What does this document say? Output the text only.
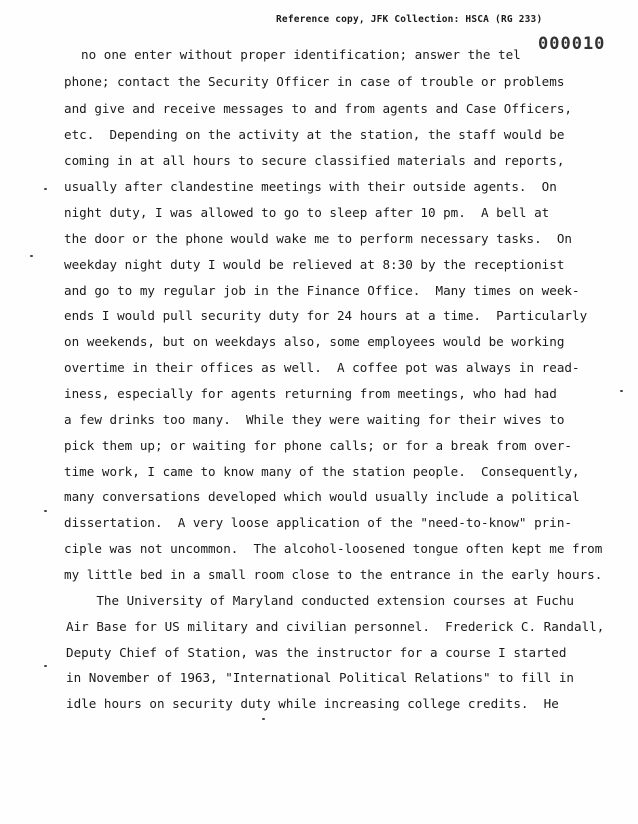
Reference copy, JFK Collection: HSCA (RG 233)
000010
no one enter without proper identification; answer the tel
phone; contact the Security Officer in case of trouble or problems
and give and receive messages to and from agents and Case Officers,
etc.  Depending on the activity at the station, the staff would be
coming in at all hours to secure classified materials and reports,
usually after clandestine meetings with their outside agents.  On
night duty, I was allowed to go to sleep after 10 pm.  A bell at
the door or the phone would wake me to perform necessary tasks.  On
weekday night duty I would be relieved at 8:30 by the receptionist
and go to my regular job in the Finance Office.  Many times on week-
ends I would pull security duty for 24 hours at a time.  Particularly
on weekends, but on weekdays also, some employees would be working
overtime in their offices as well.  A coffee pot was always in read-
iness, especially for agents returning from meetings, who had had
a few drinks too many.  While they were waiting for their wives to
pick them up; or waiting for phone calls; or for a break from over-
time work, I came to know many of the station people.  Consequently,
many conversations developed which would usually include a political
dissertation.  A very loose application of the "need-to-know" prin-
ciple was not uncommon.  The alcohol-loosened tongue often kept me from
my little bed in a small room close to the entrance in the early hours.
The University of Maryland conducted extension courses at Fuchu
Air Base for US military and civilian personnel.  Frederick C. Randall,
Deputy Chief of Station, was the instructor for a course I started
in November of 1963, "International Political Relations" to fill in
idle hours on security duty while increasing college credits.  He
